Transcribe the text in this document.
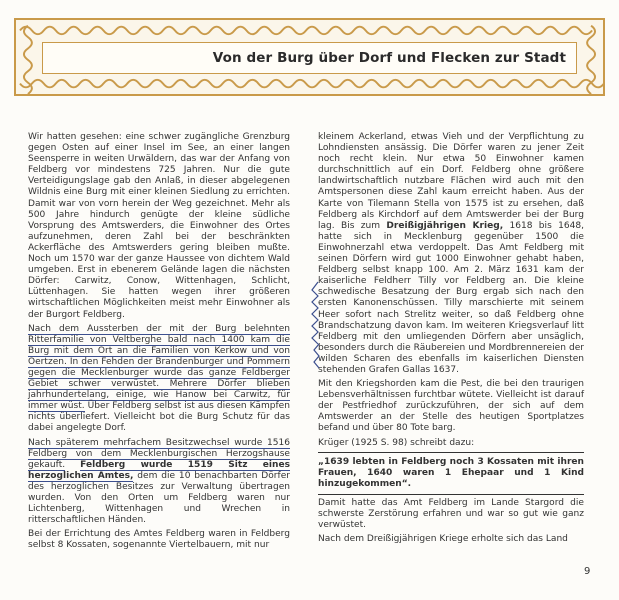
Von der Burg über Dorf und Flecken zur Stadt

Wir hatten gesehen: eine schwer zugängliche Grenzburg gegen Osten auf einer Insel im See, an einer langen Seensperre in weiten Urwäldern, das war der Anfang von Feldberg vor mindestens 725 Jahren. Nur die gute Verteidigungslage gab den Anlaß, in dieser abgelegenen Wildnis eine Burg mit einer kleinen Siedlung zu errichten. Damit war von vorn herein der Weg gezeichnet. Mehr als 500 Jahre hindurch genügte der kleine südliche Vorsprung des Amtswerders, die Einwohner des Ortes aufzunehmen, deren Zahl bei der beschränkten Ackerfläche des Amtswerders gering bleiben mußte. Noch um 1570 war der ganze Haussee von dichtem Wald umgeben. Erst in ebenerem Gelände lagen die nächsten Dörfer: Carwitz, Conow, Wittenhagen, Schlicht, Lüttenhagen. Sie hatten wegen ihrer größeren wirtschaftlichen Möglichkeiten meist mehr Einwohner als der Burgort Feldberg.

Nach dem Aussterben der mit der Burg belehnten Ritterfamilie von Veltberghe bald nach 1400 kam die Burg mit dem Ort an die Familien von Kerkow und von Oertzen. In den Fehden der Brandenburger und Pommern gegen die Mecklenburger wurde das ganze Feldberger Gebiet schwer verwüstet. Mehrere Dörfer blieben jahrhundertelang, einige, wie Hanow bei Carwitz, für immer wüst. Über Feldberg selbst ist aus diesen Kämpfen nichts überliefert. Vielleicht bot die Burg Schutz für das dabei angelegte Dorf.

Nach späterem mehrfachem Besitzwechsel wurde 1516 Feldberg von dem Mecklenburgischen Herzogshause gekauft. Feldberg wurde 1519 Sitz eines herzoglichen Amtes, dem die 10 benachbarten Dörfer des herzoglichen Besitzes zur Verwaltung übertragen wurden. Von den Orten um Feldberg waren nur Lichtenberg, Wittenhagen und Wrechen in ritterschaftlichen Händen.

Bei der Errichtung des Amtes Feldberg waren in Feldberg selbst 8 Kossaten, sogenannte Viertelbauern, mit nur

kleinem Ackerland, etwas Vieh und der Verpflichtung zu Lohndiensten ansässig. Die Dörfer waren zu jener Zeit noch recht klein. Nur etwa 50 Einwohner kamen durchschnittlich auf ein Dorf. Feldberg ohne größere landwirtschaftlich nutzbare Flächen wird auch mit den Amtspersonen diese Zahl kaum erreicht haben. Aus der Karte von Tilemann Stella von 1575 ist zu ersehen, daß Feldberg als Kirchdorf auf dem Amtswerder bei der Burg lag. Bis zum Dreißigjährigen Krieg, 1618 bis 1648, hatte sich in Mecklenburg gegenüber 1500 die Einwohnerzahl etwa verdoppelt. Das Amt Feldberg mit seinen Dörfern wird gut 1000 Einwohner gehabt haben, Feldberg selbst knapp 100. Am 2. März 1631 kam der kaiserliche Feldherr Tilly vor Feldberg an. Die kleine schwedische Besatzung der Burg ergab sich nach den ersten Kanonenschüssen. Tilly marschierte mit seinem Heer sofort nach Strelitz weiter, so daß Feldberg ohne Brandschatzung davon kam. Im weiteren Kriegsverlauf litt Feldberg mit den umliegenden Dörfern aber unsäglich, besonders durch die Räubereien und Mordbrennereien der wilden Scharen des ebenfalls im kaiserlichen Diensten stehenden Grafen Gallas 1637.

Mit den Kriegshorden kam die Pest, die bei den traurigen Lebensverhältnissen furchtbar wütete. Vielleicht ist darauf der Pestfriedhof zurückzuführen, der sich auf dem Amtswerder an der Stelle des heutigen Sportplatzes befand und über 80 Tote barg.

Krüger (1925 S. 98) schreibt dazu:

„1639 lebten in Feldberg noch 3 Kossaten mit ihren Frauen, 1640 waren 1 Ehepaar und 1 Kind hinzugekommen“.

Damit hatte das Amt Feldberg im Lande Stargord die schwerste Zerstörung erfahren und war so gut wie ganz verwüstet.

Nach dem Dreißigjährigen Kriege erholte sich das Land

9
